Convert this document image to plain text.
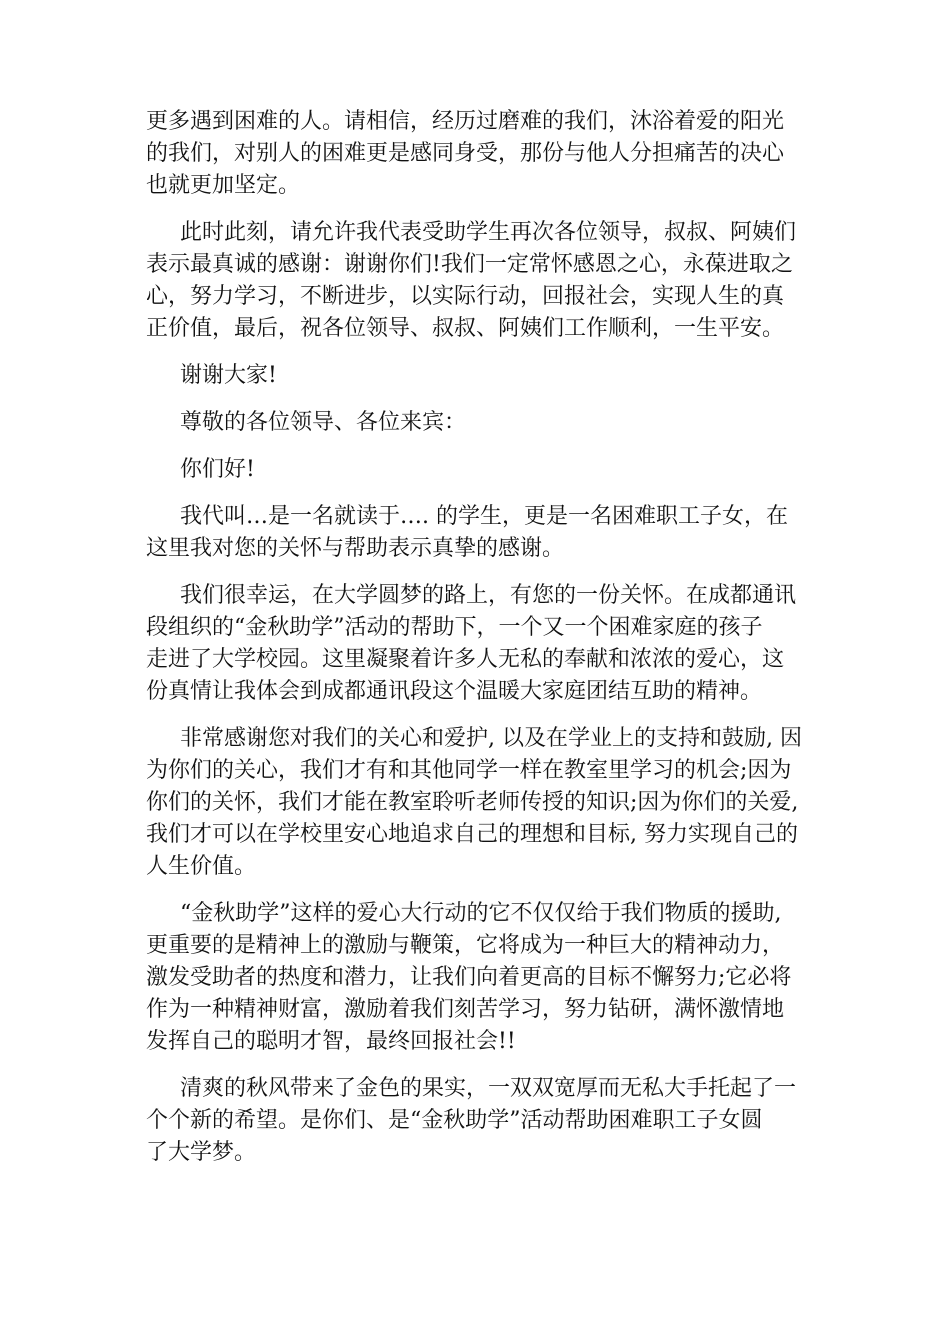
更多遇到困难的人。请相信，经历过磨难的我们，沐浴着爱的阳光
的我们，对别人的困难更是感同身受，那份与他人分担痛苦的决心
也就更加坚定。

此时此刻，请允许我代表受助学生再次各位领导，叔叔、阿姨们
表示最真诚的感谢：谢谢你们!我们一定常怀感恩之心，永葆进取之
心，努力学习，不断进步，以实际行动，回报社会，实现人生的真
正价值，最后，祝各位领导、叔叔、阿姨们工作顺利，一生平安。

谢谢大家!

尊敬的各位领导、各位来宾：

你们好!

我代叫…是一名就读于…. 的学生，更是一名困难职工子女，在
这里我对您的关怀与帮助表示真挚的感谢。

我们很幸运，在大学圆梦的路上，有您的一份关怀。在成都通讯
段组织的“金秋助学”活动的帮助下，一个又一个困难家庭的孩子
走进了大学校园。这里凝聚着许多人无私的奉献和浓浓的爱心，这
份真情让我体会到成都通讯段这个温暖大家庭团结互助的精神。

非常感谢您对我们的关心和爱护, 以及在学业上的支持和鼓励, 因
为你们的关心，我们才有和其他同学一样在教室里学习的机会;因为
你们的关怀，我们才能在教室聆听老师传授的知识;因为你们的关爱,
我们才可以在学校里安心地追求自己的理想和目标, 努力实现自己的
人生价值。

“金秋助学”这样的爱心大行动的它不仅仅给于我们物质的援助,
更重要的是精神上的激励与鞭策，它将成为一种巨大的精神动力，
激发受助者的热度和潜力，让我们向着更高的目标不懈努力;它必将
作为一种精神财富，激励着我们刻苦学习，努力钻研，满怀激情地
发挥自己的聪明才智，最终回报社会!!

清爽的秋风带来了金色的果实，一双双宽厚而无私大手托起了一
个个新的希望。是你们、是“金秋助学”活动帮助困难职工子女圆
了大学梦。
